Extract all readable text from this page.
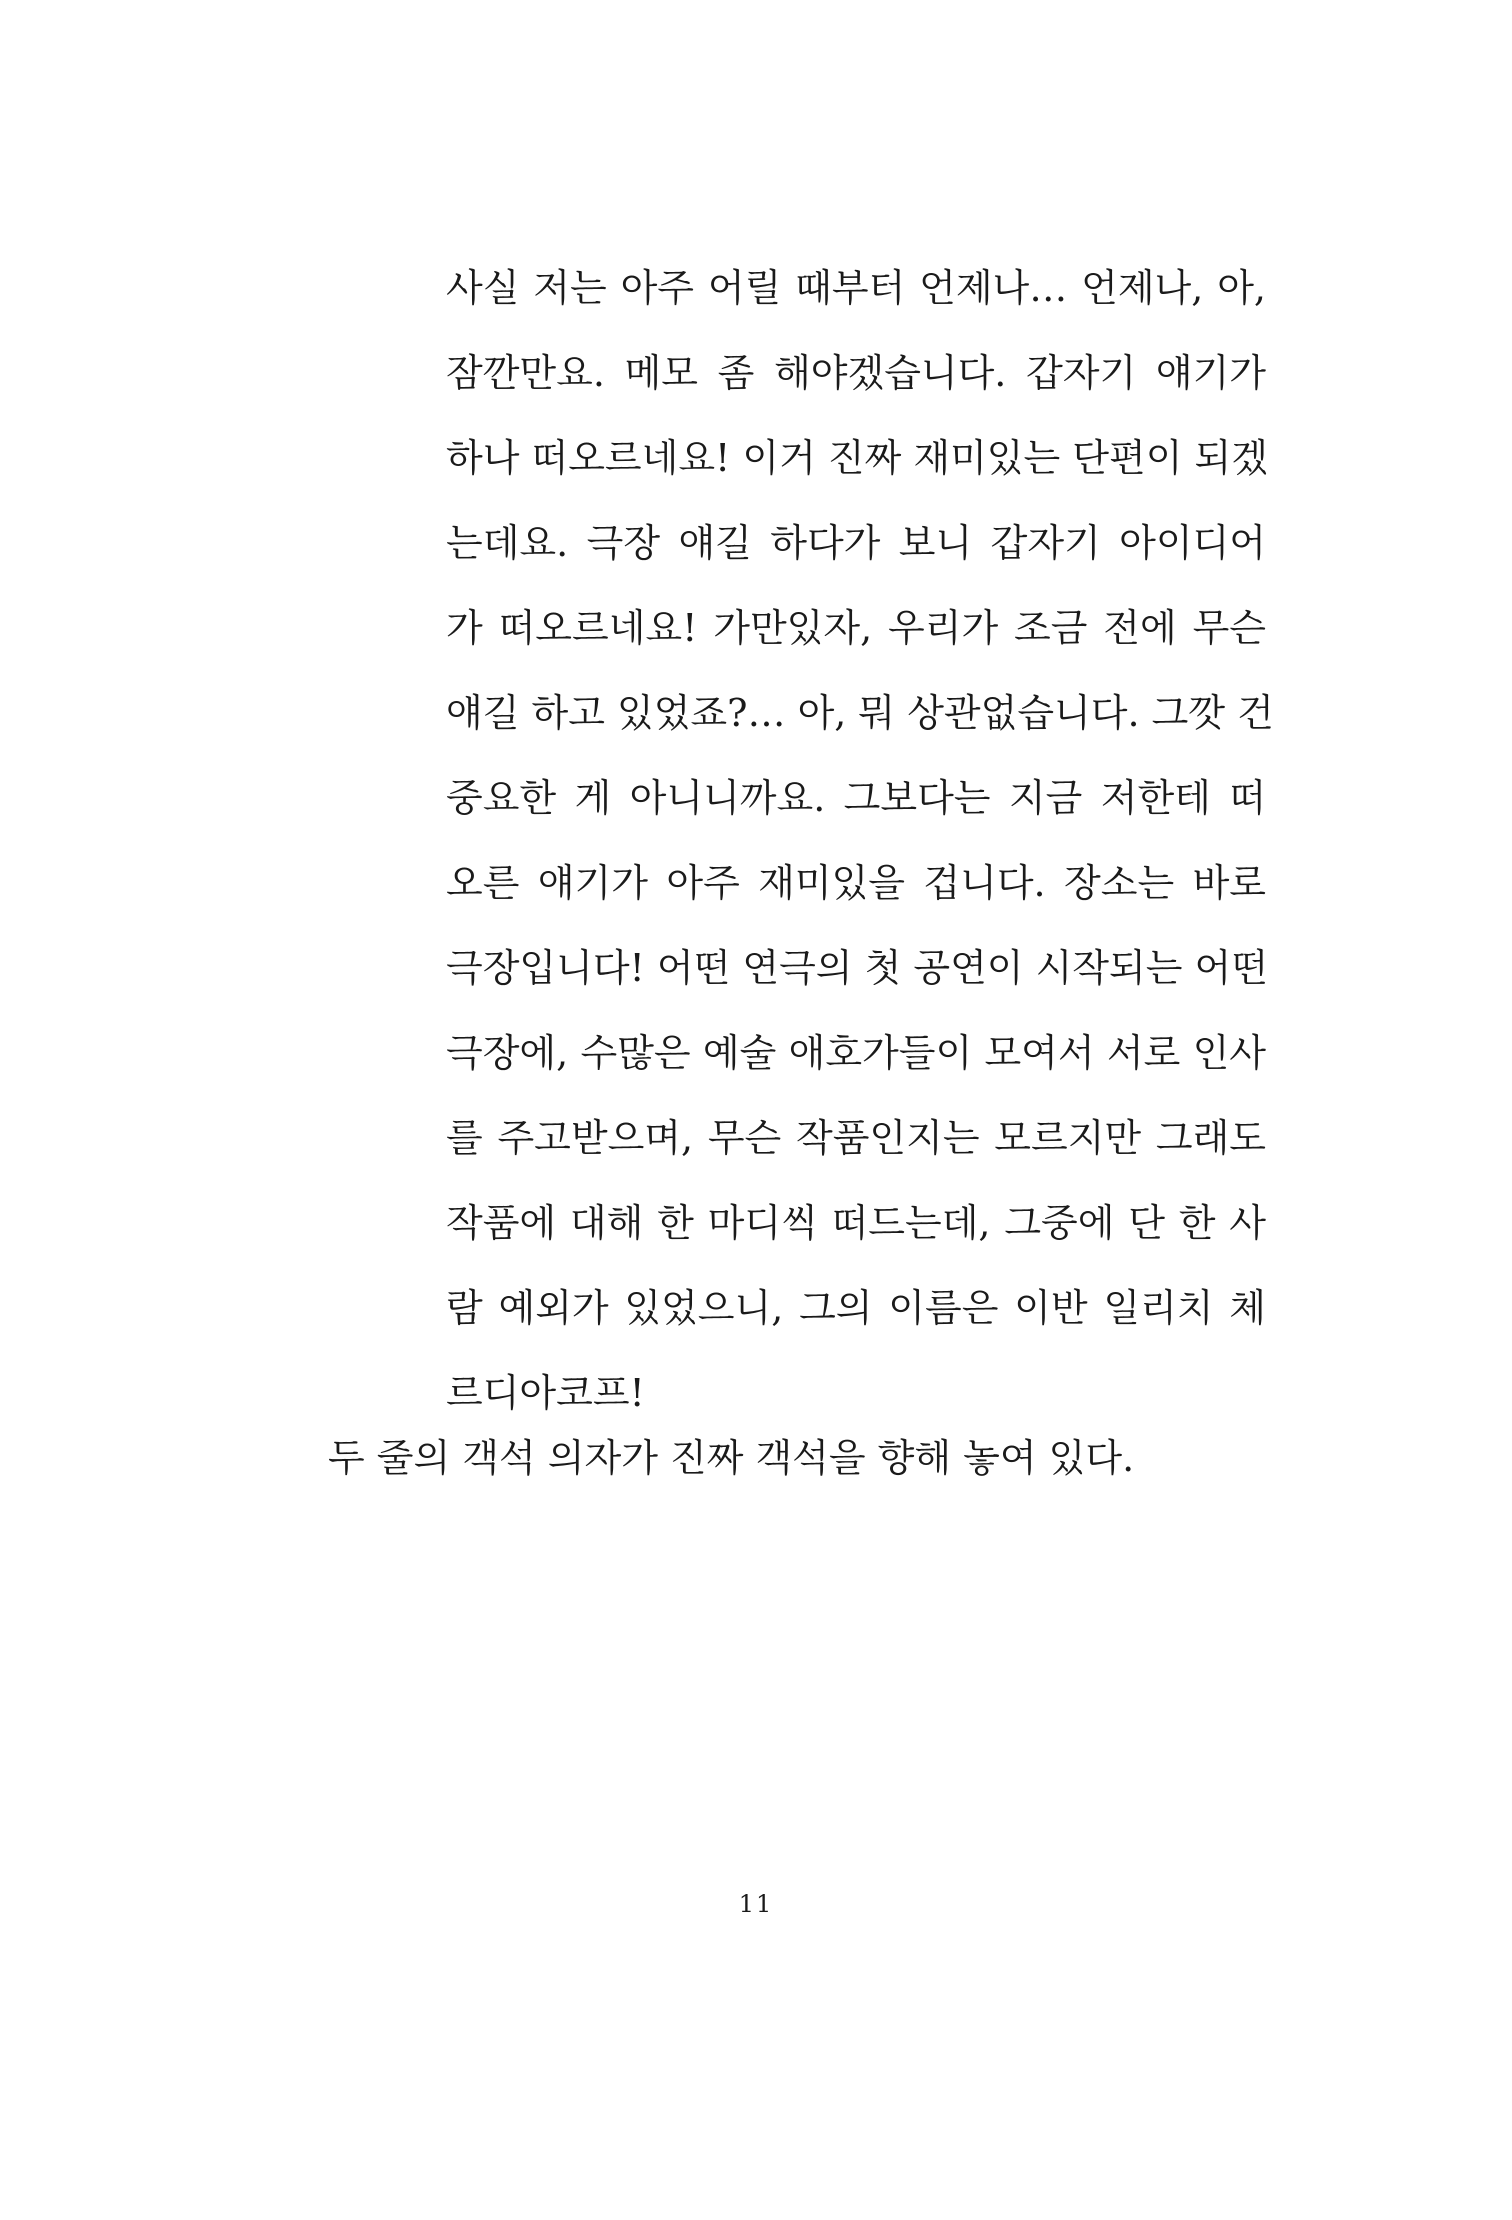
사실 저는 아주 어릴 때부터 언제나… 언제나, 아,
잠깐만요. 메모 좀 해야겠습니다. 갑자기 얘기가
하나 떠오르네요! 이거 진짜 재미있는 단편이 되겠
는데요. 극장 얘길 하다가 보니 갑자기 아이디어
가 떠오르네요! 가만있자, 우리가 조금 전에 무슨
얘길 하고 있었죠?… 아, 뭐 상관없습니다. 그깟 건
중요한 게 아니니까요. 그보다는 지금 저한테 떠
오른 얘기가 아주 재미있을 겁니다. 장소는 바로
극장입니다! 어떤 연극의 첫 공연이 시작되는 어떤
극장에, 수많은 예술 애호가들이 모여서 서로 인사
를 주고받으며, 무슨 작품인지는 모르지만 그래도
작품에 대해 한 마디씩 떠드는데, 그중에 단 한 사
람 예외가 있었으니, 그의 이름은 이반 일리치 체
르디아코프!
두 줄의 객석 의자가 진짜 객석을 향해 놓여 있다.
11
